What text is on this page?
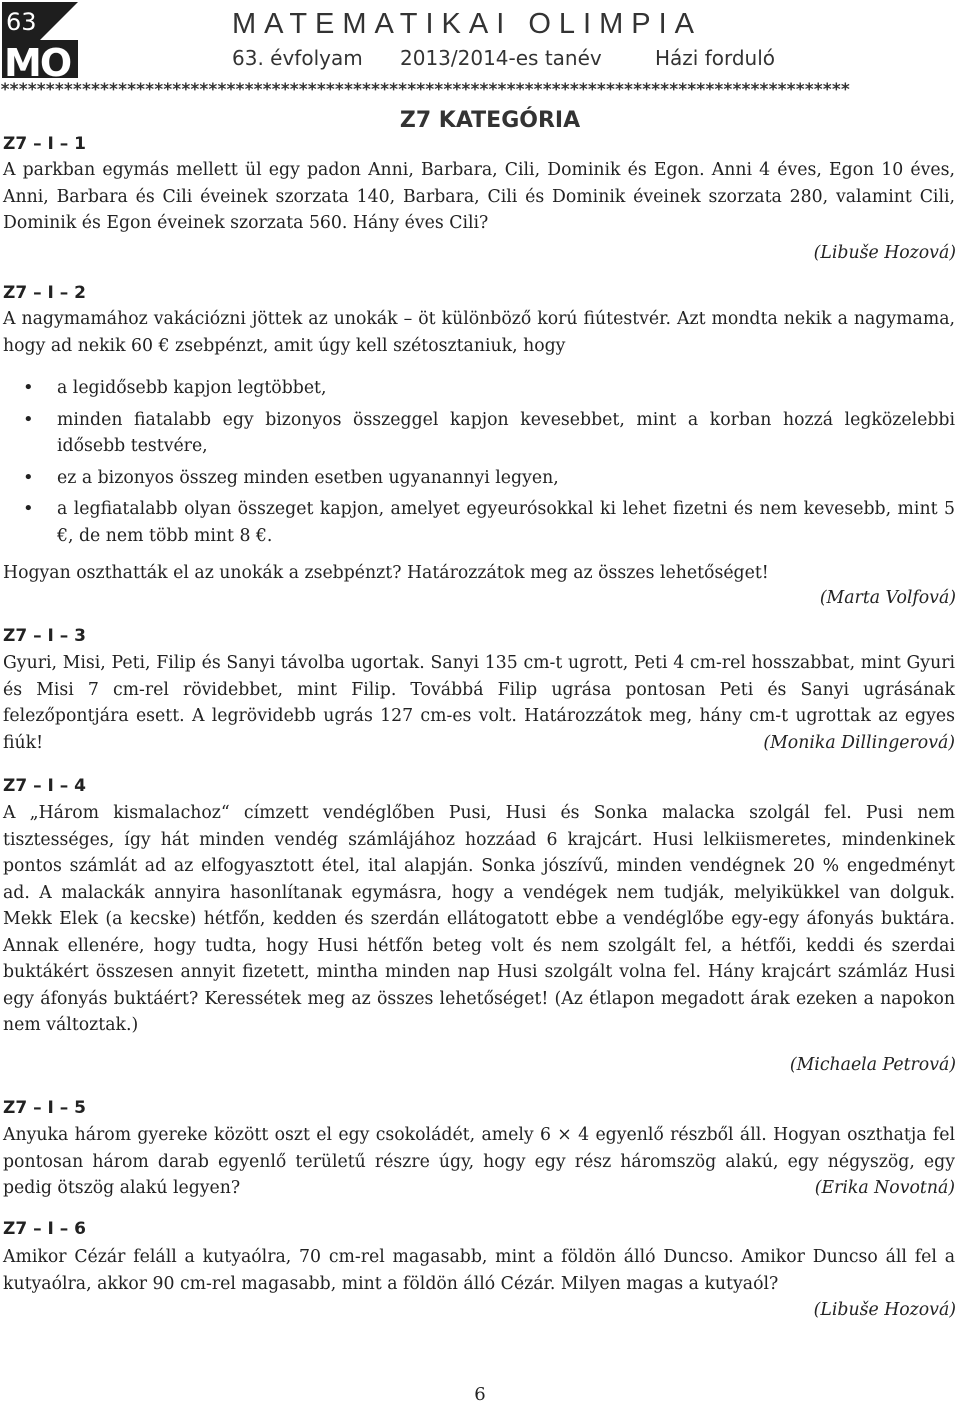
63
MO
MATEMATIKAI OLIMPIA
63. évfolyam 2013/2014-es tanév	Házi forduló
**********************************************************************************************
Z7 KATEGÓRIA
Z7 – I – 1
A parkban egymás mellett ül egy padon Anni, Barbara, Cili, Dominik és Egon. Anni 4 éves, Egon 10 éves, Anni, Barbara és Cili éveinek szorzata 140, Barbara, Cili és Dominik éveinek szorzata 280, valamint Cili, Dominik és Egon éveinek szorzata 560. Hány éves Cili?
(Libuše Hozová)
Z7 – I – 2
A nagymamához vakációzni jöttek az unokák – öt különböző korú fiútestvér. Azt mondta nekik a nagymama, hogy ad nekik 60 € zsebpénzt, amit úgy kell szétosztaniuk, hogy
• a legidősebb kapjon legtöbbet,
• minden fiatalabb egy bizonyos összeggel kapjon kevesebbet, mint a korban hozzá legközelebbi idősebb testvére,
• ez a bizonyos összeg minden esetben ugyanannyi legyen,
• a legfiatalabb olyan összeget kapjon, amelyet egyeurósokkal ki lehet fizetni és nem kevesebb, mint 5 €, de nem több mint 8 €.
Hogyan oszthatták el az unokák a zsebpénzt? Határozzátok meg az összes lehetőséget!
(Marta Volfová)
Z7 – I – 3
Gyuri, Misi, Peti, Filip és Sanyi távolba ugortak. Sanyi 135 cm-t ugrott, Peti 4 cm-rel hosszabbat, mint Gyuri és Misi 7 cm-rel rövidebbet, mint Filip. Továbbá Filip ugrása pontosan Peti és Sanyi ugrásának felezőpontjára esett. A legrövidebb ugrás 127 cm-es volt. Határozzátok meg, hány cm-t ugrottak az egyes fiúk!	(Monika Dillingerová)
Z7 – I – 4
A „Három kismalachoz“ címzett vendéglőben Pusi, Husi és Sonka malacka szolgál fel. Pusi nem tisztességes, így hát minden vendég számlájához hozzáad 6 krajcárt. Husi lelkiismeretes, mindenkinek pontos számlát ad az elfogyasztott étel, ital alapján. Sonka jószívű, minden vendégnek 20 % engedményt ad. A malackák annyira hasonlítanak egymásra, hogy a vendégek nem tudják, melyikükkel van dolguk. Mekk Elek (a kecske) hétfőn, kedden és szerdán ellátogatott ebbe a vendéglőbe egy-egy áfonyás buktára. Annak ellenére, hogy tudta, hogy Husi hétfőn beteg volt és nem szolgált fel, a hétfői, keddi és szerdai buktákért összesen annyit fizetett, mintha minden nap Husi szolgált volna fel. Hány krajcárt számláz Husi egy áfonyás buktáért? Keressétek meg az összes lehetőséget! (Az étlapon megadott árak ezeken a napokon nem változtak.)
(Michaela Petrová)
Z7 – I – 5
Anyuka három gyereke között oszt el egy csokoládét, amely 6 × 4 egyenlő részből áll. Hogyan oszthatja fel pontosan három darab egyenlő területű részre úgy, hogy egy rész háromszög alakú, egy négyszög, egy pedig ötszög alakú legyen?	(Erika Novotná)
Z7 – I – 6
Amikor Cézár feláll a kutyaólra, 70 cm-rel magasabb, mint a földön álló Duncso. Amikor Duncso áll fel a kutyaólra, akkor 90 cm-rel magasabb, mint a földön álló Cézár. Milyen magas a kutyaól?
(Libuše Hozová)
6
